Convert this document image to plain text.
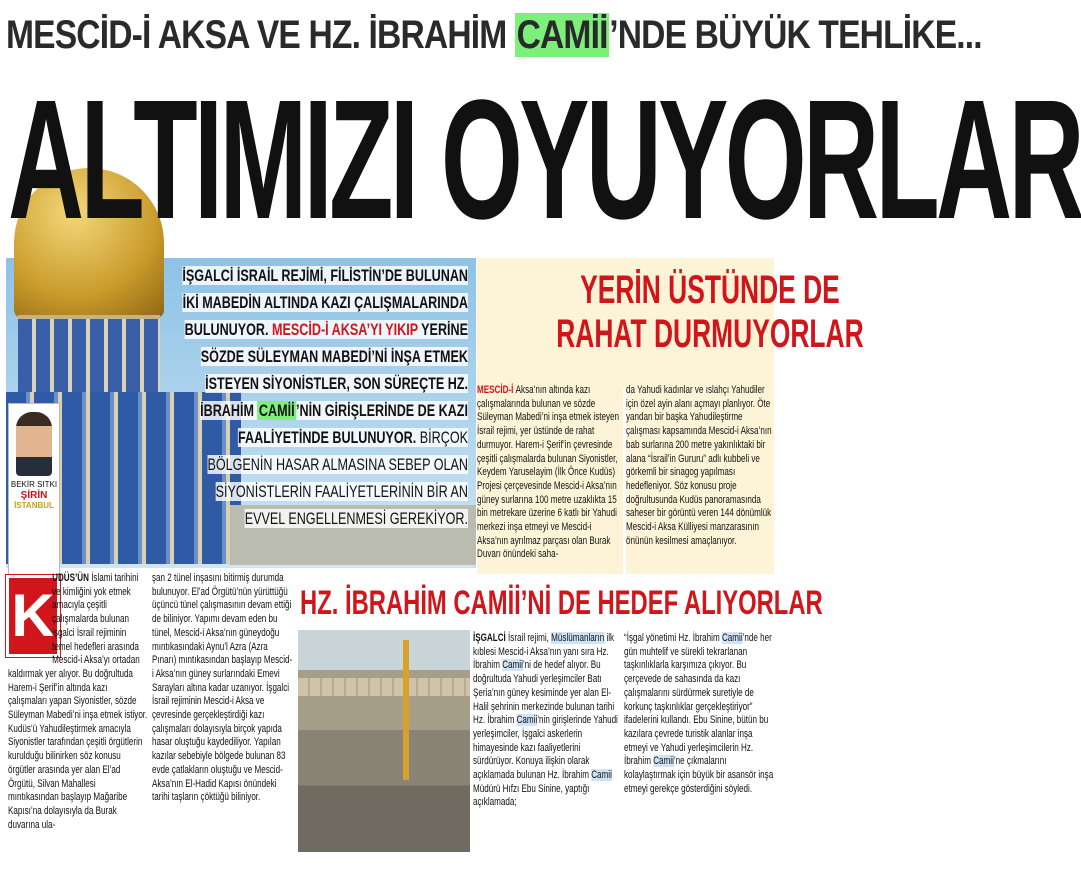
MESCİD-İ AKSA VE HZ. İBRAHİM CAMİİ’NDE BÜYÜK TEHLİKE...
ALTIMIZI OYUYORLAR
İŞGALCİ İSRAİL REJİMİ, FİLİSTİN’DE BULUNAN İKİ MABEDİN ALTINDA KAZI ÇALIŞMALARINDA BULUNUYOR. MESCİD-İ AKSA’YI YIKIP YERİNE SÖZDE SÜLEYMAN MABEDİ’Nİ İNŞA ETMEK İSTEYEN SİYONİSTLER, SON SÜREÇTE HZ. İBRAHİM CAMİİ’NİN GİRİŞLERİNDE DE KAZI FAALİYETİNDE BULUNUYOR. BİRÇOK BÖLGENİN HASAR ALMASINA SEBEP OLAN SİYONİSTLERİN FAALİYETLERİNİN BİR AN EVVEL ENGELLENMESİ GEREKİYOR.
BEKİR SITKI
ŞİRİN
İSTANBUL
YERİN ÜSTÜNDE DE
RAHAT DURMUYORLAR
MESCİD-İ Aksa’nın altında kazı çalışmalarında bulunan ve sözde Süleyman Mabedi’ni inşa etmek isteyen İsrail rejimi, yer üstünde de rahat durmuyor. Harem-i Şerif’in çevresinde çeşitli çalışmalarda bulunan Siyonistler, Keydem Yaruselayim (İlk Önce Kudüs) Projesi çerçevesinde Mescid-i Aksa’nın güney surlarına 100 metre uzaklıkta 15 bin metrekare üzerine 6 katlı bir Yahudi merkezi inşa etmeyi ve Mescid-i Aksa’nın ayrılmaz parçası olan Burak Duvarı önündeki saha-
da Yahudi kadınlar ve ıslahçı Yahudiler için özel ayin alanı açmayı planlıyor. Öte yandan bir başka Yahudileştirme çalışması kapsamında Mescid-i Aksa’nın bab surlarına 200 metre yakınlıktaki bir alana “İsrail’in Gururu” adlı kubbeli ve görkemli bir sinagog yapılması hedefleniyor. Söz konusu proje doğrultusunda Kudüs panoramasında saheser bir görüntü veren 144 dönümlük Mescid-i Aksa Külliyesi manzarasının önünün kesilmesi amaçlanıyor.
K
UDÜS’ÜN İslami tarihini ve kimliğini yok etmek amacıyla çeşitli çalışmalarda bulunan işgalci İsrail rejiminin temel hedefleri arasında Mescid-i Aksa’yı ortadan kaldırmak yer alıyor. Bu doğrultuda Harem-i Şerif’in altında kazı çalışmaları yapan Siyonistler, sözde Süleyman Mabedi’ni inşa etmek istiyor. Kudüs’ü Yahudileştirmek amacıyla Siyonistler tarafından çeşitli örgütlerin kurulduğu bilinirken söz konusu örgütler arasında yer alan El’ad Örgütü, Silvan Mahallesi mıntıkasından başlayıp Mağaribe Kapısı’na dolayısıyla da Burak duvarına ula-
şan 2 tünel inşasını bitirmiş durumda bulunuyor. El’ad Örgütü’nün yürüttüğü üçüncü tünel çalışmasının devam ettiği de biliniyor. Yapımı devam eden bu tünel, Mescid-i Aksa’nın güneydoğu mıntıkasındaki Aynu’l Azra (Azra Pınarı) mıntıkasından başlayıp Mescid-i Aksa’nın güney surlarındaki Emevi Sarayları altına kadar uzanıyor. İşgalci İsrail rejiminin Mescid-i Aksa ve çevresinde gerçekleştirdiği kazı çalışmaları dolayısıyla birçok yapıda hasar oluştuğu kaydediliyor. Yapılan kazılar sebebiyle bölgede bulunan 83 evde çatlakların oluştuğu ve Mescid- Aksa’nın El-Hadid Kapısı önündeki tarihi taşların çöktüğü biliniyor.
HZ. İBRAHİM CAMİİ’Nİ DE HEDEF ALIYORLAR
İŞGALCİ İsrail rejimi, Müslümanların ilk kıblesi Mescid-i Aksa’nın yanı sıra Hz. İbrahim Camii’ni de hedef alıyor. Bu doğrultuda Yahudi yerleşimciler Batı Şeria’nın güney kesiminde yer alan El-Halil şehrinin merkezinde bulunan tarihi Hz. İbrahim Camii’nin girişlerinde Yahudi yerleşimciler, İşgalci askerlerin himayesinde kazı faaliyetlerini sürdürüyor. Konuya ilişkin olarak açıklamada bulunan Hz. İbrahim Camii Müdürü Hıfzı Ebu Sinine, yaptığı açıklamada;
“İşgal yönetimi Hz. İbrahim Camii’nde her gün muhtelif ve sürekli tekrarlanan taşkınlıklarla karşımıza çıkıyor. Bu çerçevede de sahasında da kazı çalışmalarını sürdürmek suretiyle de korkunç taşkınlıklar gerçekleştiriyor” ifadelerini kullandı. Ebu Sinine, bütün bu kazılara çevrede turistik alanlar inşa etmeyi ve Yahudi yerleşimcilerin Hz. İbrahim Camii’ne çıkmalarını kolaylaştırmak için büyük bir asansör inşa etmeyi gerekçe gösterdiğini söyledi.
